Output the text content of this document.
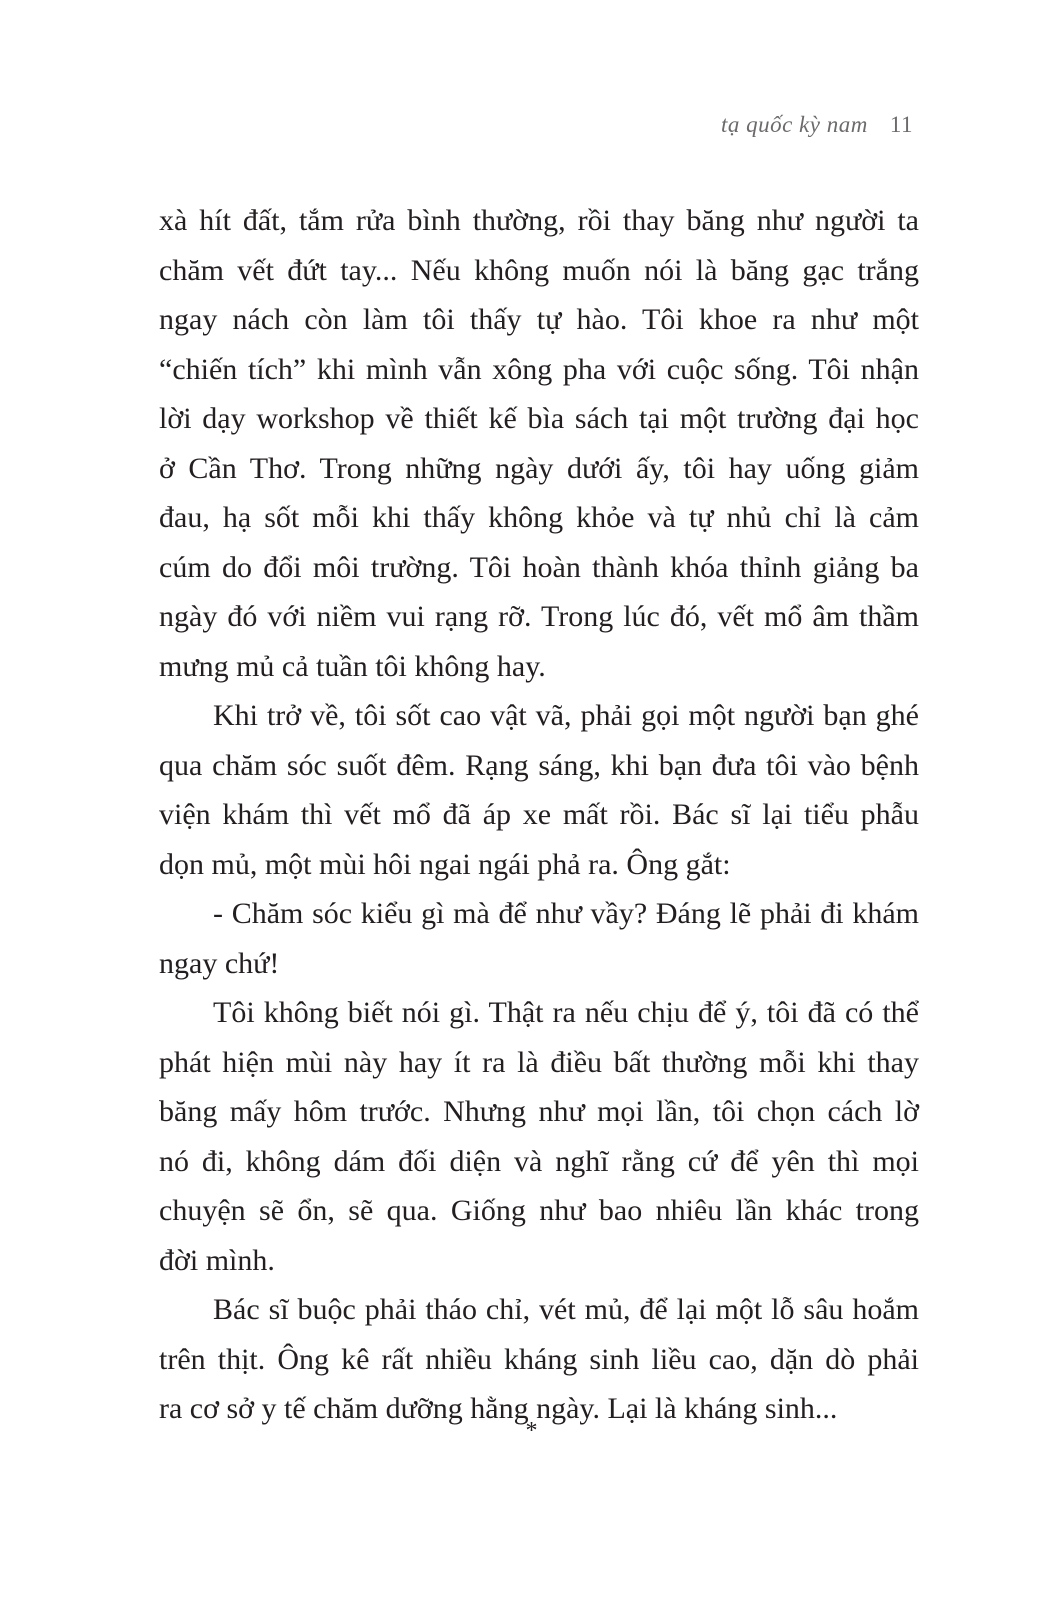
tạ quốc kỳ nam 11
xà hít đất, tắm rửa bình thường, rồi thay băng như người ta
chăm vết đứt tay... Nếu không muốn nói là băng gạc trắng
ngay nách còn làm tôi thấy tự hào. Tôi khoe ra như một
“chiến tích” khi mình vẫn xông pha với cuộc sống. Tôi nhận
lời dạy workshop về thiết kế bìa sách tại một trường đại học
ở Cần Thơ. Trong những ngày dưới ấy, tôi hay uống giảm
đau, hạ sốt mỗi khi thấy không khỏe và tự nhủ chỉ là cảm
cúm do đổi môi trường. Tôi hoàn thành khóa thỉnh giảng ba
ngày đó với niềm vui rạng rỡ. Trong lúc đó, vết mổ âm thầm
mưng mủ cả tuần tôi không hay.
Khi trở về, tôi sốt cao vật vã, phải gọi một người bạn ghé
qua chăm sóc suốt đêm. Rạng sáng, khi bạn đưa tôi vào bệnh
viện khám thì vết mổ đã áp xe mất rồi. Bác sĩ lại tiểu phẫu
dọn mủ, một mùi hôi ngai ngái phả ra. Ông gắt:
- Chăm sóc kiểu gì mà để như vầy? Đáng lẽ phải đi khám
ngay chứ!
Tôi không biết nói gì. Thật ra nếu chịu để ý, tôi đã có thể
phát hiện mùi này hay ít ra là điều bất thường mỗi khi thay
băng mấy hôm trước. Nhưng như mọi lần, tôi chọn cách lờ
nó đi, không dám đối diện và nghĩ rằng cứ để yên thì mọi
chuyện sẽ ổn, sẽ qua. Giống như bao nhiêu lần khác trong
đời mình.
Bác sĩ buộc phải tháo chỉ, vét mủ, để lại một lỗ sâu hoắm
trên thịt. Ông kê rất nhiều kháng sinh liều cao, dặn dò phải
ra cơ sở y tế chăm dưỡng hằng ngày. Lại là kháng sinh...
*
